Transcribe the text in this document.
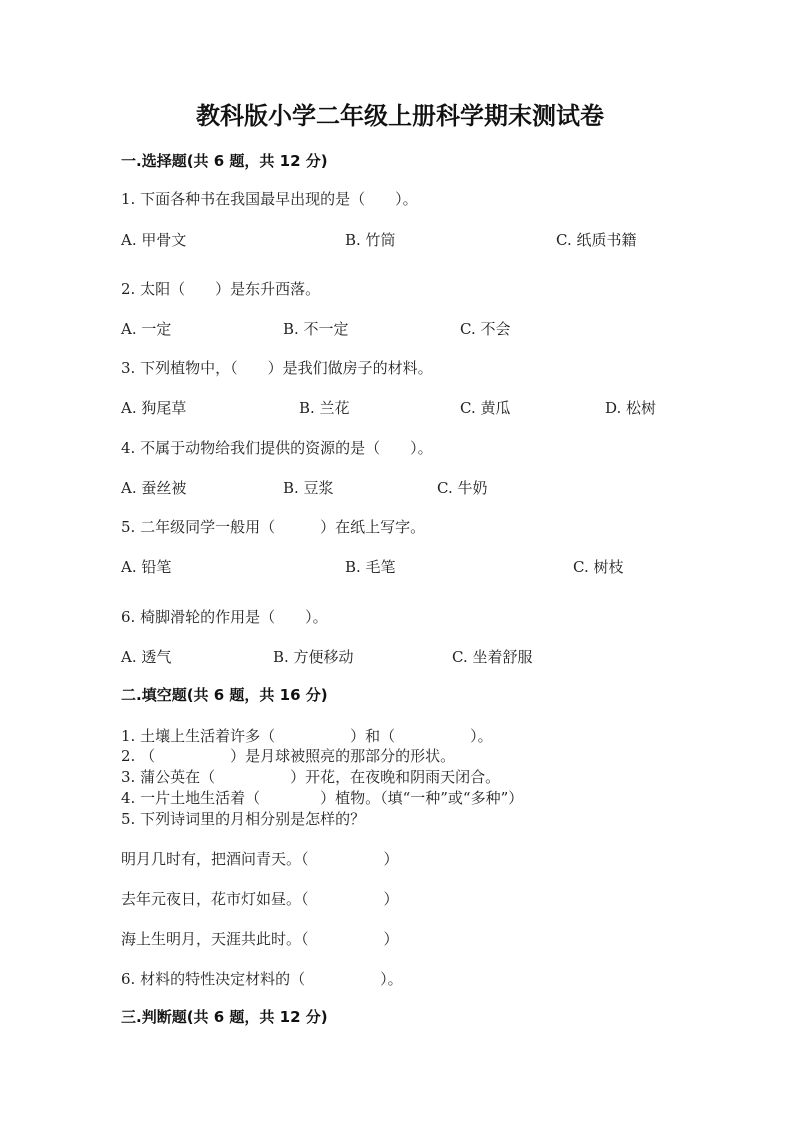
教科版小学二年级上册科学期末测试卷
一.选择题(共 6 题，共 12 分)
1. 下面各种书在我国最早出现的是（　　）。
A. 甲骨文	B. 竹筒	C. 纸质书籍
2. 太阳（　　）是东升西落。
A. 一定	B. 不一定	C. 不会
3. 下列植物中，（　　）是我们做房子的材料。
A. 狗尾草	B. 兰花	C. 黄瓜	D. 松树
4. 不属于动物给我们提供的资源的是（　　）。
A. 蚕丝被	B. 豆浆	C. 牛奶
5. 二年级同学一般用（　　　）在纸上写字。
A. 铅笔	B. 毛笔	C. 树枝
6. 椅脚滑轮的作用是（　　）。
A. 透气	B. 方便移动	C. 坐着舒服
二.填空题(共 6 题，共 16 分)
1. 土壤上生活着许多（　　　　　）和（　　　　　）。
2. （　　　　　）是月球被照亮的那部分的形状。
3. 蒲公英在（　　　　　）开花，在夜晚和阴雨天闭合。
4. 一片土地生活着（　　　　）植物。（填“一种”或“多种”）
5. 下列诗词里的月相分别是怎样的？
明月几时有，把酒问青天。（　　　　　）
去年元夜日，花市灯如昼。（　　　　　）
海上生明月，天涯共此时。（　　　　　）
6. 材料的特性决定材料的（　　　　　）。
三.判断题(共 6 题，共 12 分)
